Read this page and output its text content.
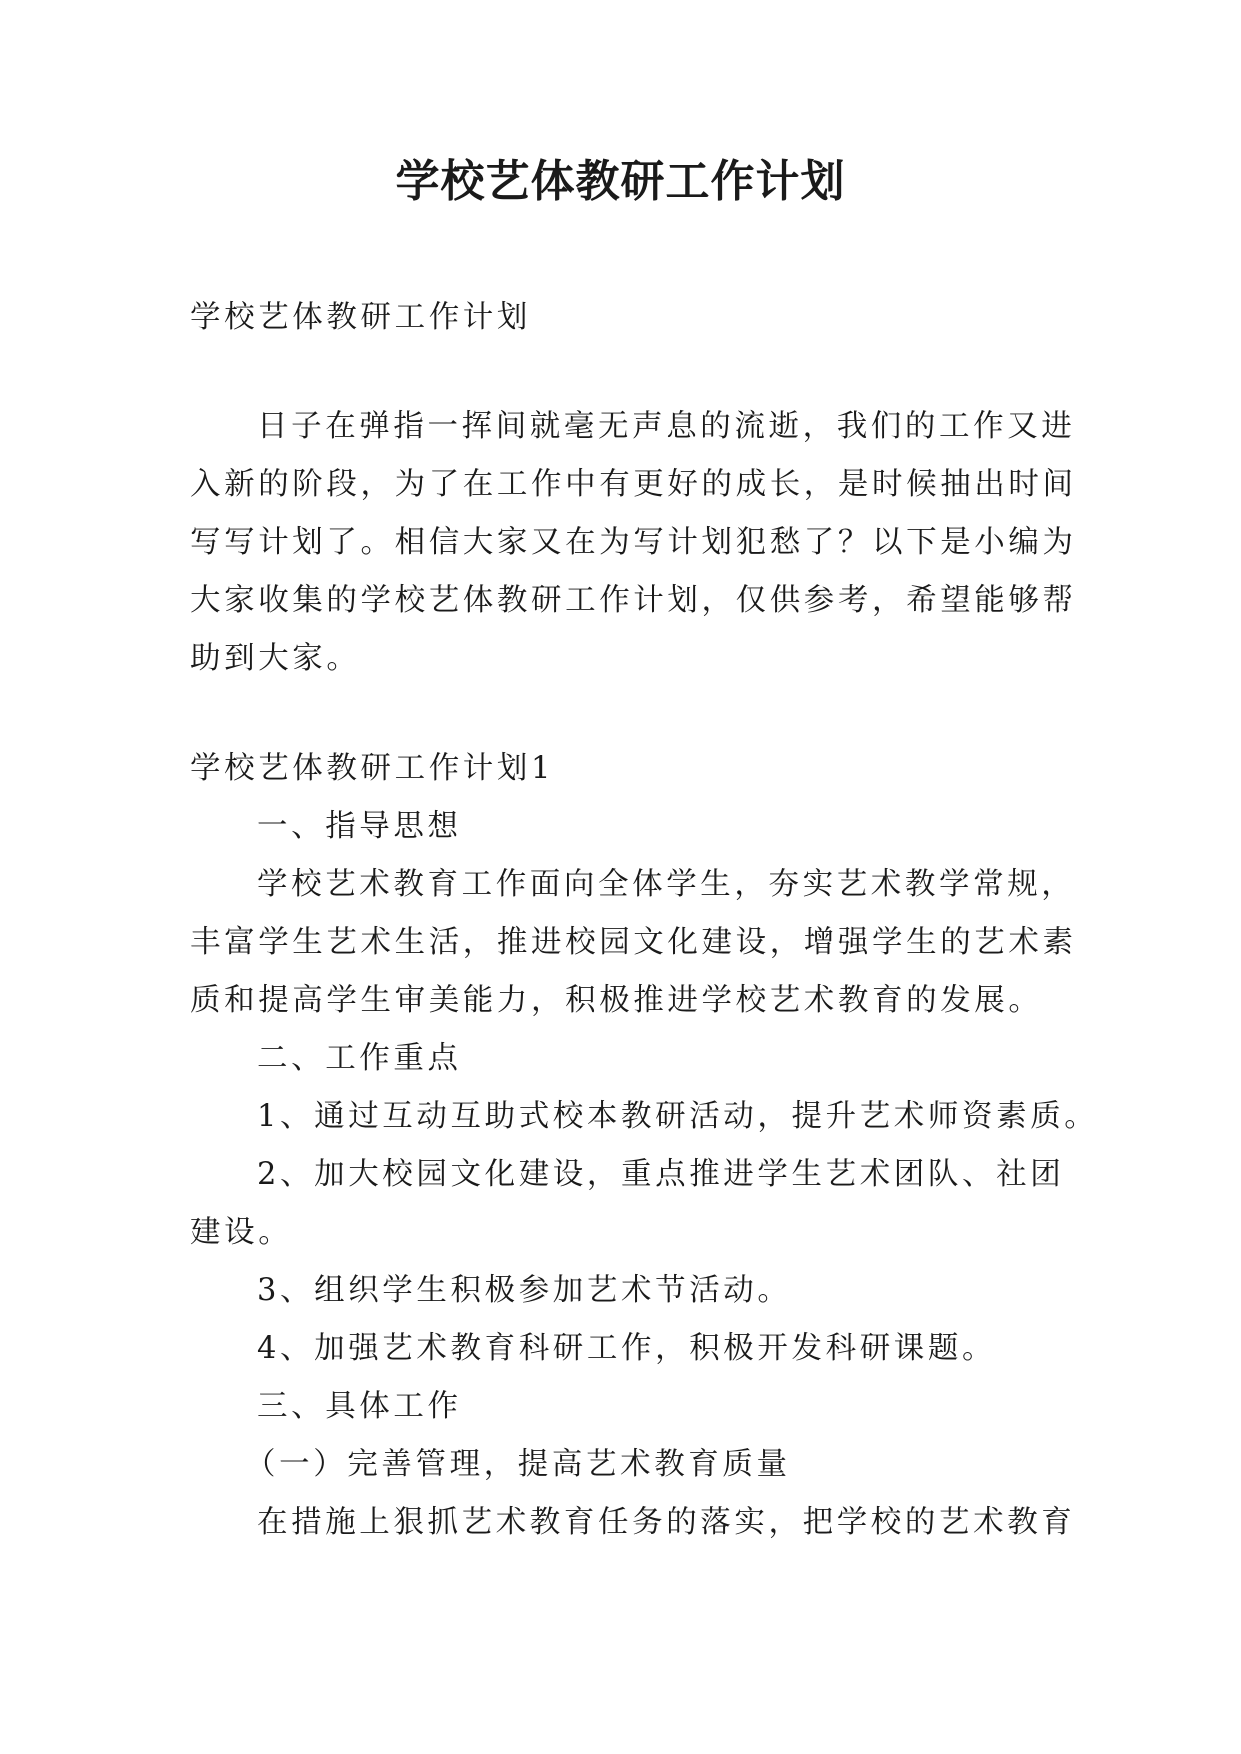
学校艺体教研工作计划

学校艺体教研工作计划

日子在弹指一挥间就毫无声息的流逝，我们的工作又进

入新的阶段，为了在工作中有更好的成长，是时候抽出时间

写写计划了。相信大家又在为写计划犯愁了？以下是小编为

大家收集的学校艺体教研工作计划，仅供参考，希望能够帮

助到大家。

学校艺体教研工作计划1

一、指导思想

学校艺术教育工作面向全体学生，夯实艺术教学常规，

丰富学生艺术生活，推进校园文化建设，增强学生的艺术素

质和提高学生审美能力，积极推进学校艺术教育的发展。

二、工作重点

1、通过互动互助式校本教研活动，提升艺术师资素质。

2、加大校园文化建设，重点推进学生艺术团队、社团

建设。

3、组织学生积极参加艺术节活动。

4、加强艺术教育科研工作，积极开发科研课题。

三、具体工作

（一）完善管理，提高艺术教育质量

在措施上狠抓艺术教育任务的落实，把学校的艺术教育
